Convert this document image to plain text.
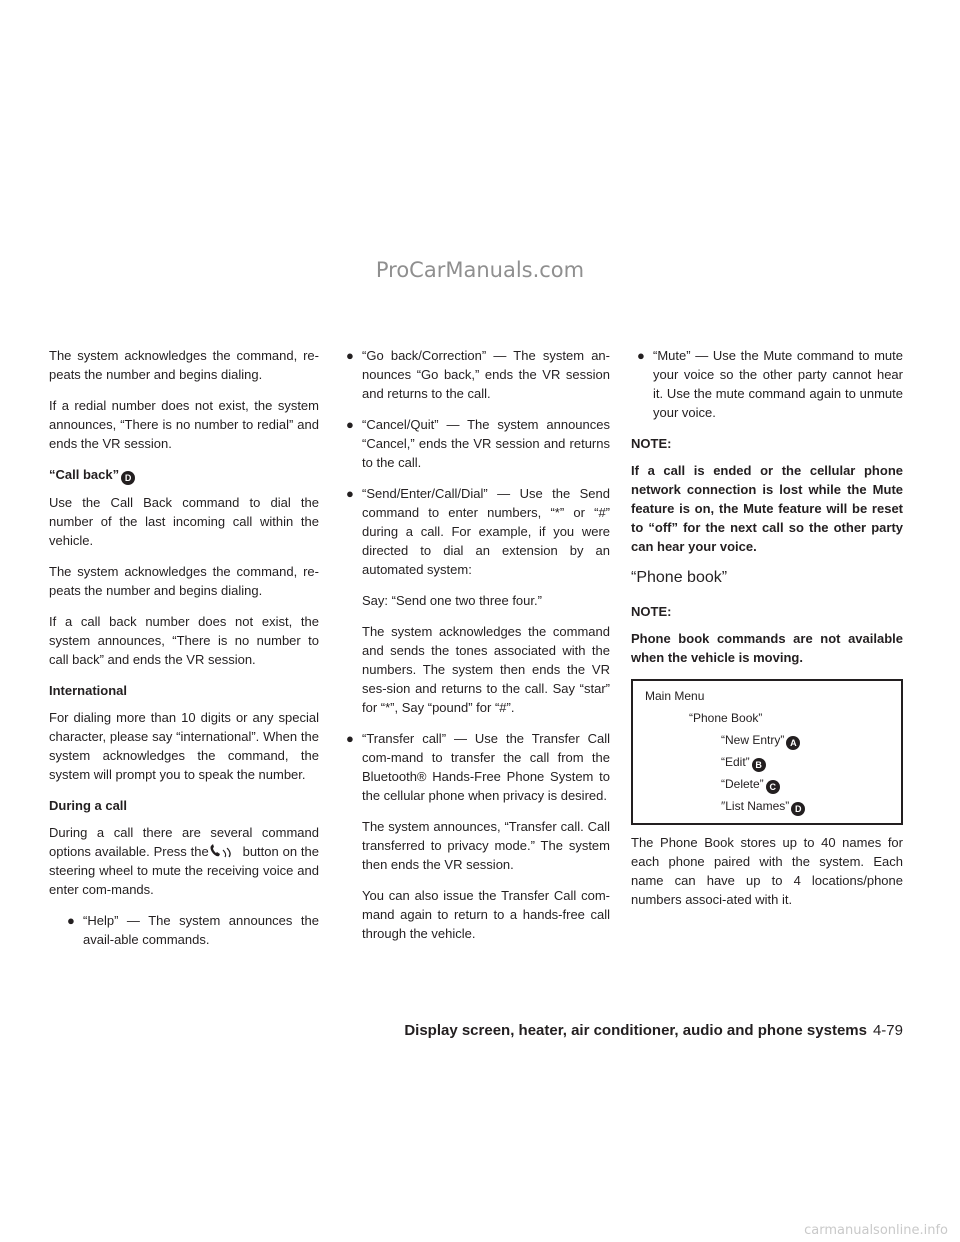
ProCarManuals.com

The system acknowledges the command, re-peats the number and begins dialing.

If a redial number does not exist, the system announces, “There is no number to redial” and ends the VR session.

“Call back” D

Use the Call Back command to dial the number of the last incoming call within the vehicle.

The system acknowledges the command, re-peats the number and begins dialing.

If a call back number does not exist, the system announces, “There is no number to call back” and ends the VR session.

International

For dialing more than 10 digits or any special character, please say “international”. When the system acknowledges the command, the system will prompt you to speak the number.

During a call

During a call there are several command options available. Press the	button on the steering wheel to mute the receiving voice and enter com-mands.

● “Help” — The system announces the avail-able commands.
● “Go back/Correction” — The system an-nounces “Go back,” ends the VR session and returns to the call.
● “Cancel/Quit” — The system announces “Cancel,” ends the VR session and returns to the call.
● “Send/Enter/Call/Dial” — Use the Send command to enter numbers, “*” or “#” during a call. For example, if you were directed to dial an extension by an automated system:

Say: “Send one two three four.”

The system acknowledges the command and sends the tones associated with the numbers. The system then ends the VR ses-sion and returns to the call. Say “star” for “*”, Say “pound” for “#”.

● “Transfer call” — Use the Transfer Call com-mand to transfer the call from the Bluetooth® Hands-Free Phone System to the cellular phone when privacy is desired.

The system announces, “Transfer call. Call transferred to privacy mode.” The system then ends the VR session.

You can also issue the Transfer Call com-mand again to return to a hands-free call through the vehicle.

● “Mute” — Use the Mute command to mute your voice so the other party cannot hear it. Use the mute command again to unmute your voice.

NOTE:

If a call is ended or the cellular phone network connection is lost while the Mute feature is on, the Mute feature will be reset to “off” for the next call so the other party can hear your voice.

“Phone book”

NOTE:

Phone book commands are not available when the vehicle is moving.

Main Menu
“Phone Book”
“New Entry” A
“Edit” B
“Delete” C
″List Names” D

The Phone Book stores up to 40 names for each phone paired with the system. Each name can have up to 4 locations/phone numbers associ-ated with it.

Display screen, heater, air conditioner, audio and phone systems 4-79
carmanualsonline.info
